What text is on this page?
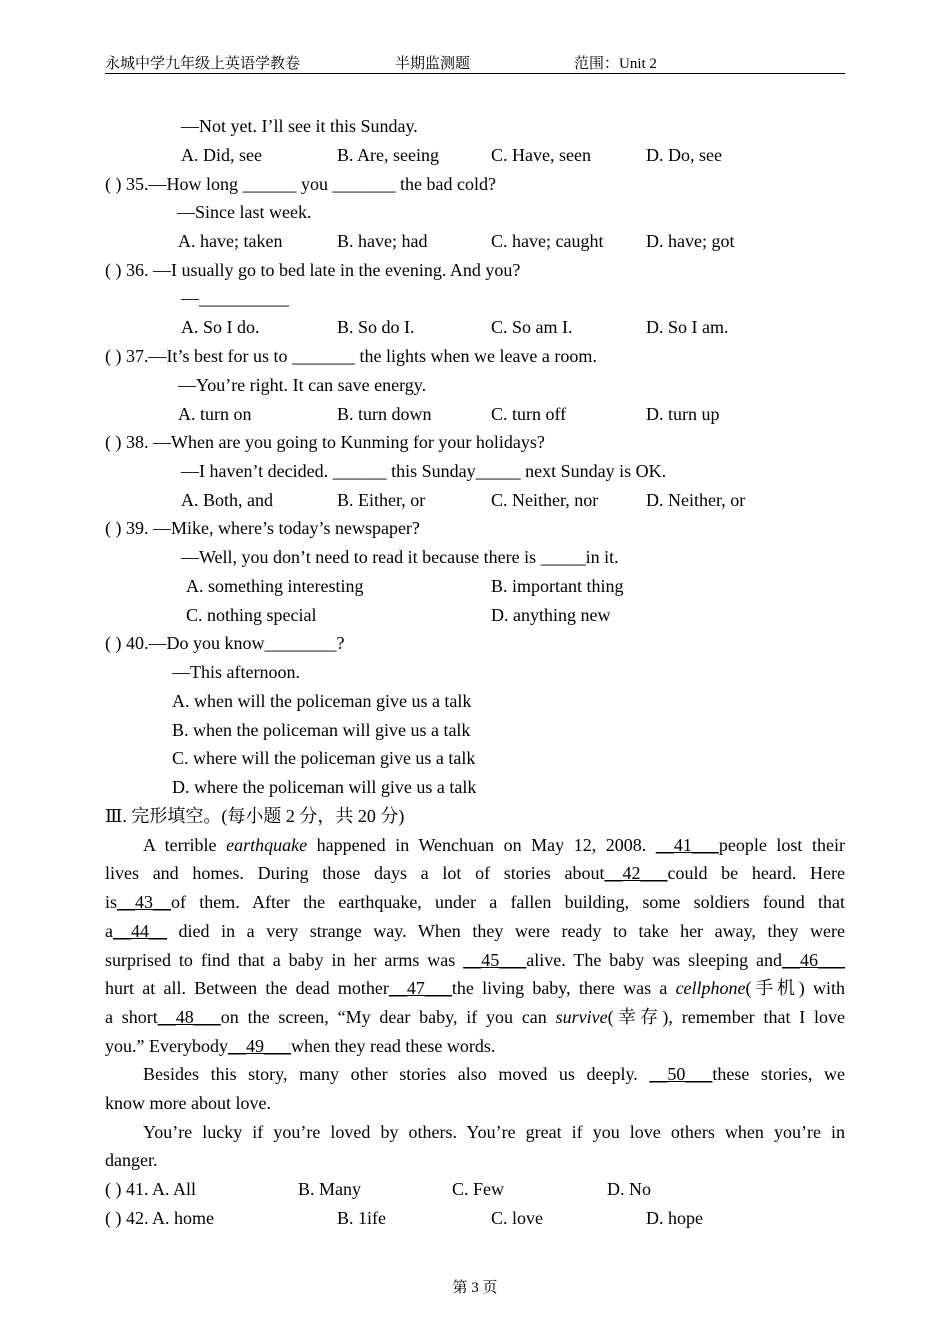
永城中学九年级上英语学教卷	半期监测题	范围：Unit 2
—Not yet. I’ll see it this Sunday.
A. Did, see	B. Are, seeing	C. Have, seen	D. Do, see
( ) 35.—How long ______ you _______ the bad cold?
—Since last week.
A. have; taken	B. have; had	C. have; caught D. have; got
( ) 36. —I usually go to bed late in the evening. And you?
—__________
A. So I do.	B. So do I.	C. So am I.	D. So I am.
( ) 37.—It’s best for us to _______ the lights when we leave a room.
—You’re right. It can save energy.
A. turn on	B. turn down	C. turn off	D. turn up
( ) 38. —When are you going to Kunming for your holidays?
—I haven’t decided. ______ this Sunday_____ next Sunday is OK.
A. Both, and	B. Either, or	C. Neither, nor	D. Neither, or
( ) 39. —Mike, where’s today’s newspaper?
—Well, you don’t need to read it because there is _____in it.
A. something interesting	B. important thing
C. nothing special	D. anything new
( ) 40.—Do you know________?
—This afternoon.
A. when will the policeman give us a talk
B. when the policeman will give us a talk
C. where will the policeman give us a talk
D. where the policeman will give us a talk
Ⅲ. 完形填空。(每小题 2 分，共 20 分)
A terrible earthquake happened in Wenchuan on May 12, 2008. __41___people lost their
lives and homes. During those days a lot of stories about__42___could be heard. Here
is__43__of them. After the earthquake, under a fallen building, some soldiers found that
a__44__ died in a very strange way. When they were ready to take her away, they were
surprised to find that a baby in her arms was __45___alive. The baby was sleeping and__46___
hurt at all. Between the dead mother__47___the living baby, there was a cellphone(手机) with
a short__48___on the screen, “My dear baby, if you can survive(幸存), remember that I love
you.” Everybody__49___when they read these words.
Besides this story, many other stories also moved us deeply. __50___these stories, we
know more about love.
You’re lucky if you’re loved by others. You’re great if you love others when you’re in
danger.
( ) 41. A. All	B. Many	C. Few	D. No
( ) 42. A. home	B. 1ife	C. love	D. hope
第 3 页
